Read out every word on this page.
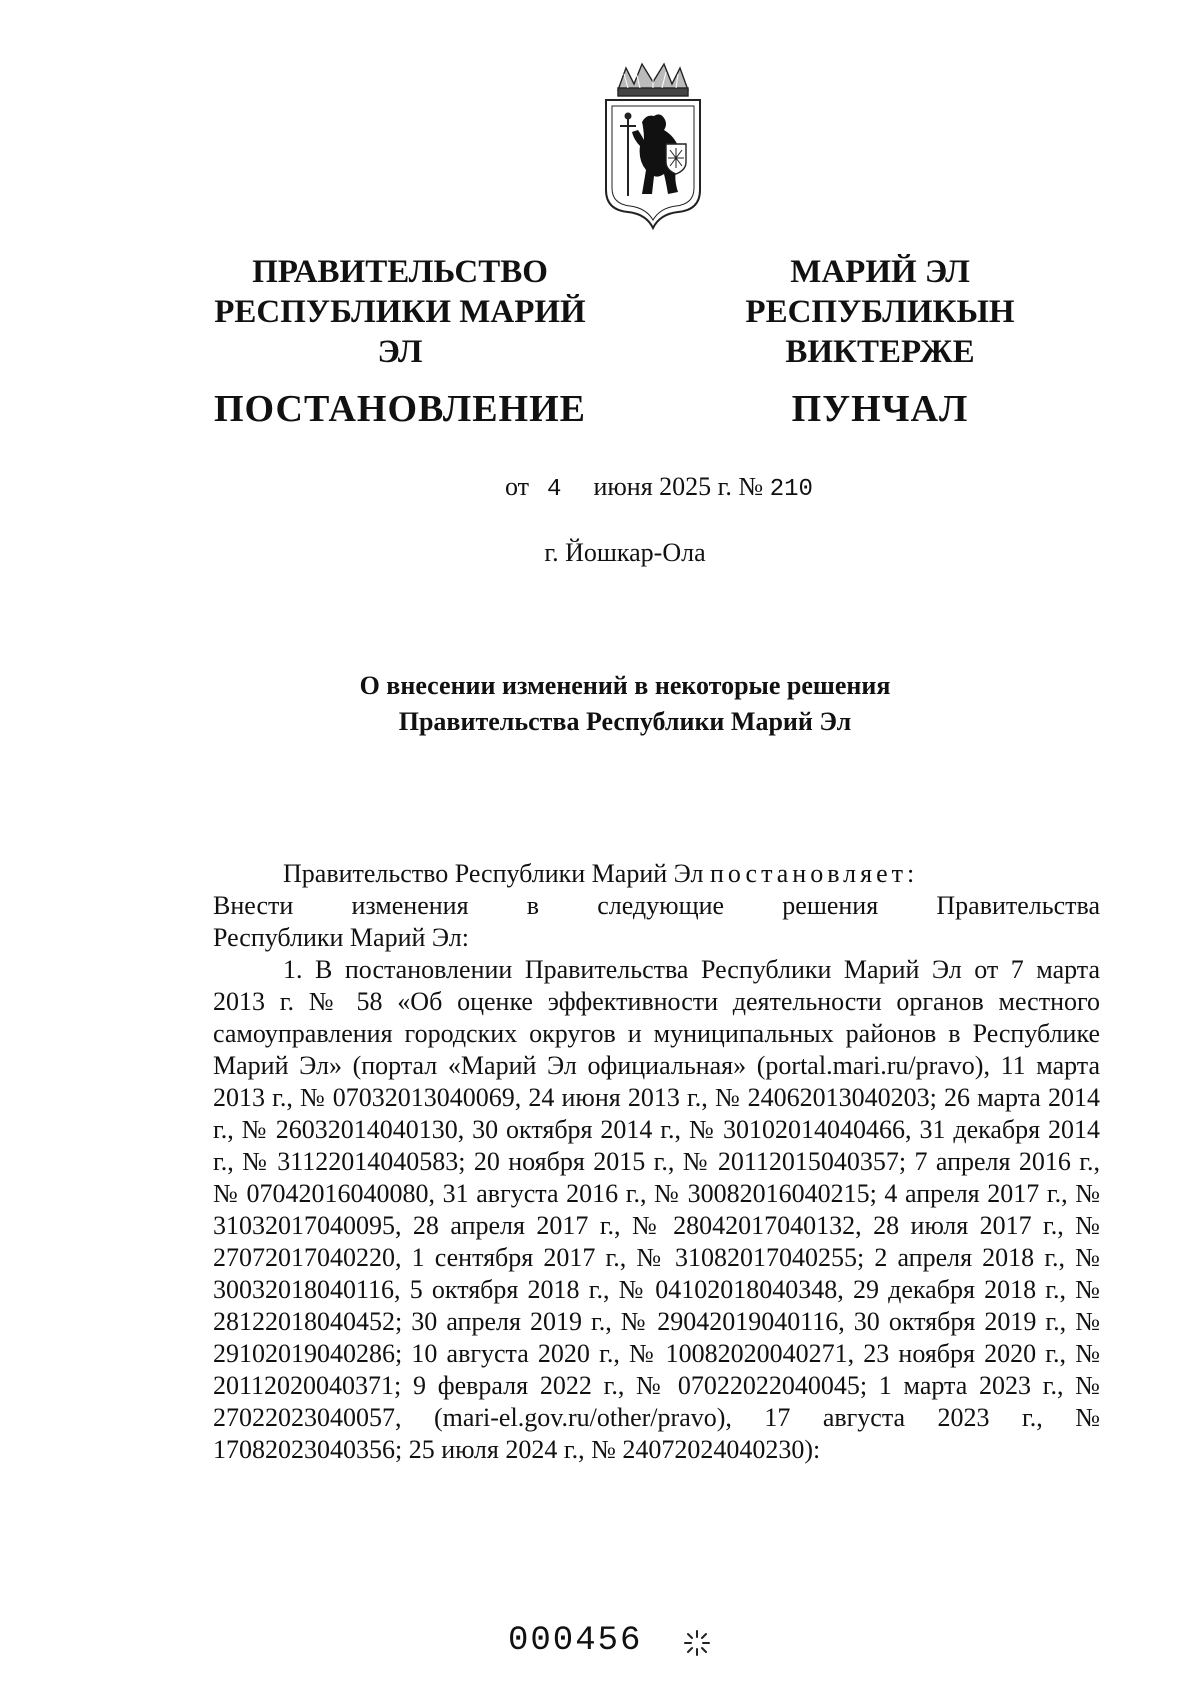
ПРАВИТЕЛЬСТВО
РЕСПУБЛИКИ МАРИЙ ЭЛ
ПОСТАНОВЛЕНИЕ
МАРИЙ ЭЛ РЕСПУБЛИКЫН
ВИКТЕРЖЕ
ПУНЧАЛ
от 4 июня 2025 г. № 210
г. Йошкар-Ола
О внесении изменений в некоторые решения
Правительства Республики Марий Эл

Правительство Республики Марий Эл постановляет:

Внести изменения в следующие решения Правительства

Республики Марий Эл:

1. В постановлении Правительства Республики Марий Эл от 7 марта 2013 г. № 58 «Об оценке эффективности деятельности органов местного самоуправления городских округов и муниципальных районов в Республике Марий Эл» (портал «Марий Эл официальная» (portal.mari.ru/pravo), 11 марта 2013 г., № 07032013040069, 24 июня 2013 г., № 24062013040203; 26 марта 2014 г., № 26032014040130, 30 октября 2014 г., № 30102014040466, 31 декабря 2014 г., № 31122014040583; 20 ноября 2015 г., № 20112015040357; 7 апреля 2016 г., № 07042016040080, 31 августа 2016 г., № 30082016040215; 4 апреля 2017 г., № 31032017040095, 28 апреля 2017 г., № 28042017040132, 28 июля 2017 г., № 27072017040220, 1 сентября 2017 г., № 31082017040255; 2 апреля 2018 г., № 30032018040116, 5 октября 2018 г., № 04102018040348, 29 декабря 2018 г., № 28122018040452; 30 апреля 2019 г., № 29042019040116, 30 октября 2019 г., № 29102019040286; 10 августа 2020 г., № 10082020040271, 23 ноября 2020 г., № 20112020040371; 9 февраля 2022 г., № 07022022040045; 1 марта 2023 г., № 27022023040057, (mari-el.gov.ru/other/pravo), 17 августа 2023 г., № 17082023040356; 25 июля 2024 г., № 24072024040230):

000456
